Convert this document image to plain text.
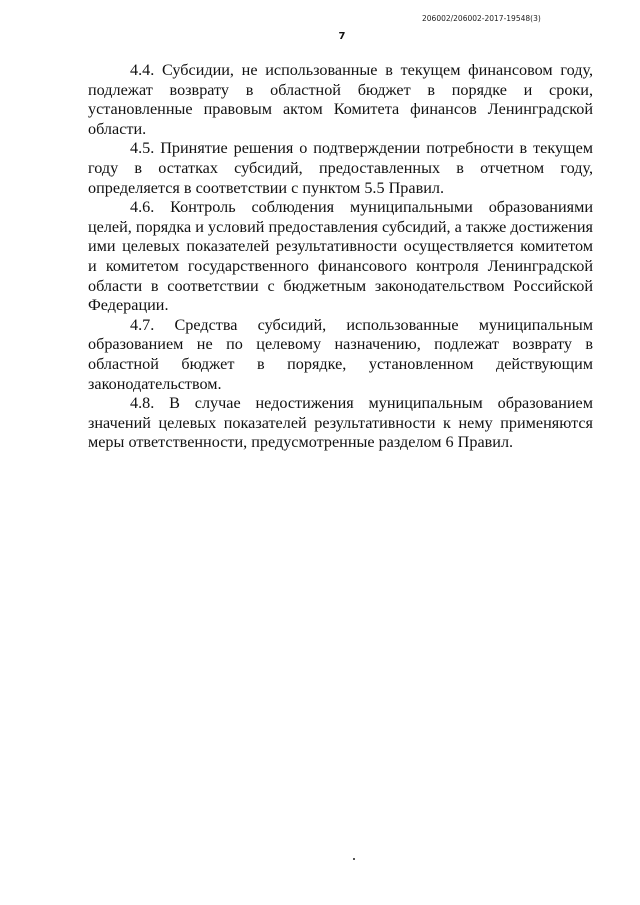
206002/206002-2017-19548(3)
7

4.4. Субсидии, не использованные в текущем финансовом году, подлежат возврату в областной бюджет в порядке и сроки, установленные правовым актом Комитета финансов Ленинградской области.

4.5. Принятие решения о подтверждении потребности в текущем году в остатках субсидий, предоставленных в отчетном году, определяется в соответствии с пунктом 5.5 Правил.

4.6. Контроль соблюдения муниципальными образованиями целей, порядка и условий предоставления субсидий, а также достижения ими целевых показателей результативности осуществляется комитетом и комитетом государственного финансового контроля Ленинградской области в соответствии с бюджетным законодательством Российской Федерации.

4.7. Средства субсидий, использованные муниципальным образованием не по целевому назначению, подлежат возврату в областной бюджет в порядке, установленном действующим законодательством.

4.8. В случае недостижения муниципальным образованием значений целевых показателей результативности к нему применяются меры ответственности, предусмотренные разделом 6 Правил.
